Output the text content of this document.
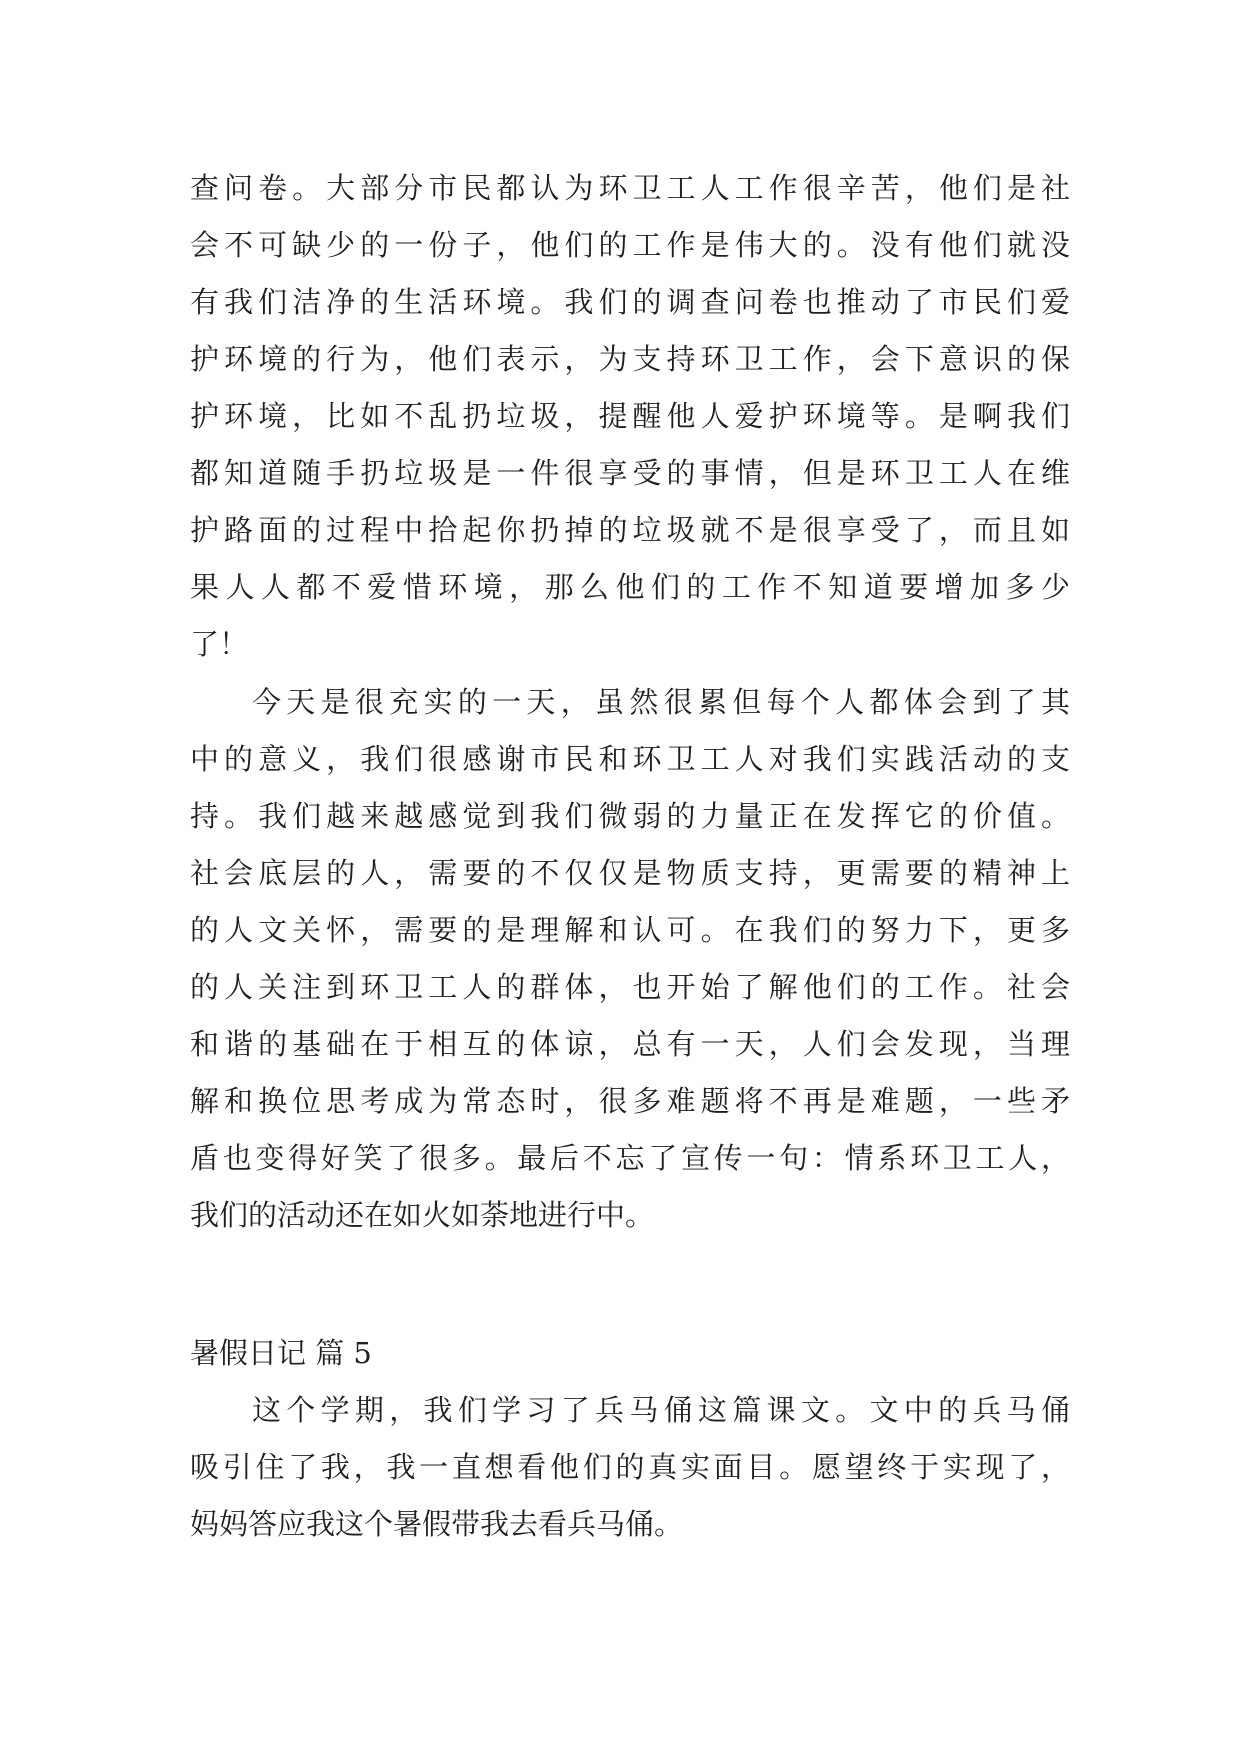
查问卷。大部分市民都认为环卫工人工作很辛苦，他们是社
会不可缺少的一份子，他们的工作是伟大的。没有他们就没
有我们洁净的生活环境。我们的调查问卷也推动了市民们爱
护环境的行为，他们表示，为支持环卫工作，会下意识的保
护环境，比如不乱扔垃圾，提醒他人爱护环境等。是啊我们
都知道随手扔垃圾是一件很享受的事情，但是环卫工人在维
护路面的过程中拾起你扔掉的垃圾就不是很享受了，而且如
果人人都不爱惜环境，那么他们的工作不知道要增加多少
了！
今天是很充实的一天，虽然很累但每个人都体会到了其
中的意义，我们很感谢市民和环卫工人对我们实践活动的支
持。我们越来越感觉到我们微弱的力量正在发挥它的价值。
社会底层的人，需要的不仅仅是物质支持，更需要的精神上
的人文关怀，需要的是理解和认可。在我们的努力下，更多
的人关注到环卫工人的群体，也开始了解他们的工作。社会
和谐的基础在于相互的体谅，总有一天，人们会发现，当理
解和换位思考成为常态时，很多难题将不再是难题，一些矛
盾也变得好笑了很多。最后不忘了宣传一句：情系环卫工人，
我们的活动还在如火如荼地进行中。
暑假日记 篇 5
这个学期，我们学习了兵马俑这篇课文。文中的兵马俑
吸引住了我，我一直想看他们的真实面目。愿望终于实现了，
妈妈答应我这个暑假带我去看兵马俑。
